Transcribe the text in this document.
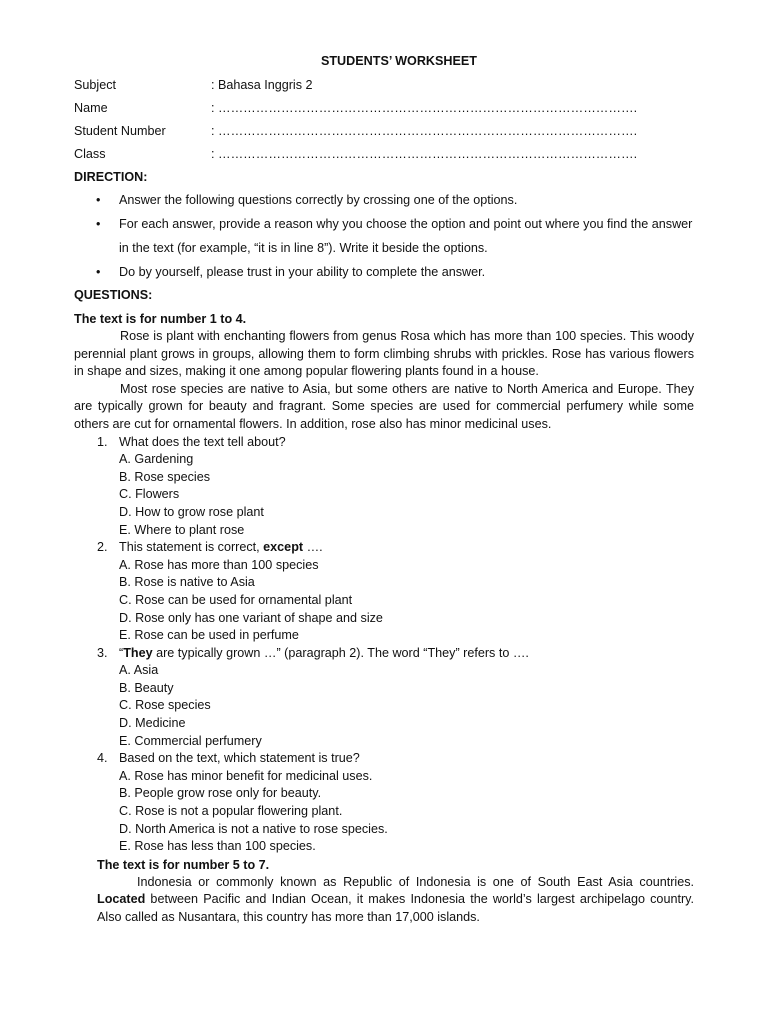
STUDENTS’ WORKSHEET
Subject	: Bahasa Inggris 2
Name	: ……………………………………………………………………………………….
Student Number	: ……………………………………………………………………………………….
Class	: ……………………………………………………………………………………….
DIRECTION:
• Answer the following questions correctly by crossing one of the options.
• For each answer, provide a reason why you choose the option and point out where you find the answer in the text (for example, “it is in line 8”). Write it beside the options.
• Do by yourself, please trust in your ability to complete the answer.
QUESTIONS:
The text is for number 1 to 4.

Rose is plant with enchanting flowers from genus Rosa which has more than 100 species. This woody perennial plant grows in groups, allowing them to form climbing shrubs with prickles. Rose has various flowers in shape and sizes, making it one among popular flowering plants found in a house.

Most rose species are native to Asia, but some others are native to North America and Europe. They are typically grown for beauty and fragrant. Some species are used for commercial perfumery while some others are cut for ornamental flowers. In addition, rose also has minor medicinal uses.

1. What does the text tell about?
A. Gardening
B. Rose species
C. Flowers
D. How to grow rose plant
E. Where to plant rose
2. This statement is correct, except ….
A. Rose has more than 100 species
B. Rose is native to Asia
C. Rose can be used for ornamental plant
D. Rose only has one variant of shape and size
E. Rose can be used in perfume
3. “They are typically grown …” (paragraph 2). The word “They” refers to ….
A. Asia
B. Beauty
C. Rose species
D. Medicine
E. Commercial perfumery
4. Based on the text, which statement is true?
A. Rose has minor benefit for medicinal uses.
B. People grow rose only for beauty.
C. Rose is not a popular flowering plant.
D. North America is not a native to rose species.
E. Rose has less than 100 species.
The text is for number 5 to 7.

Indonesia or commonly known as Republic of Indonesia is one of South East Asia countries. Located between Pacific and Indian Ocean, it makes Indonesia the world’s largest archipelago country. Also called as Nusantara, this country has more than 17,000 islands.
